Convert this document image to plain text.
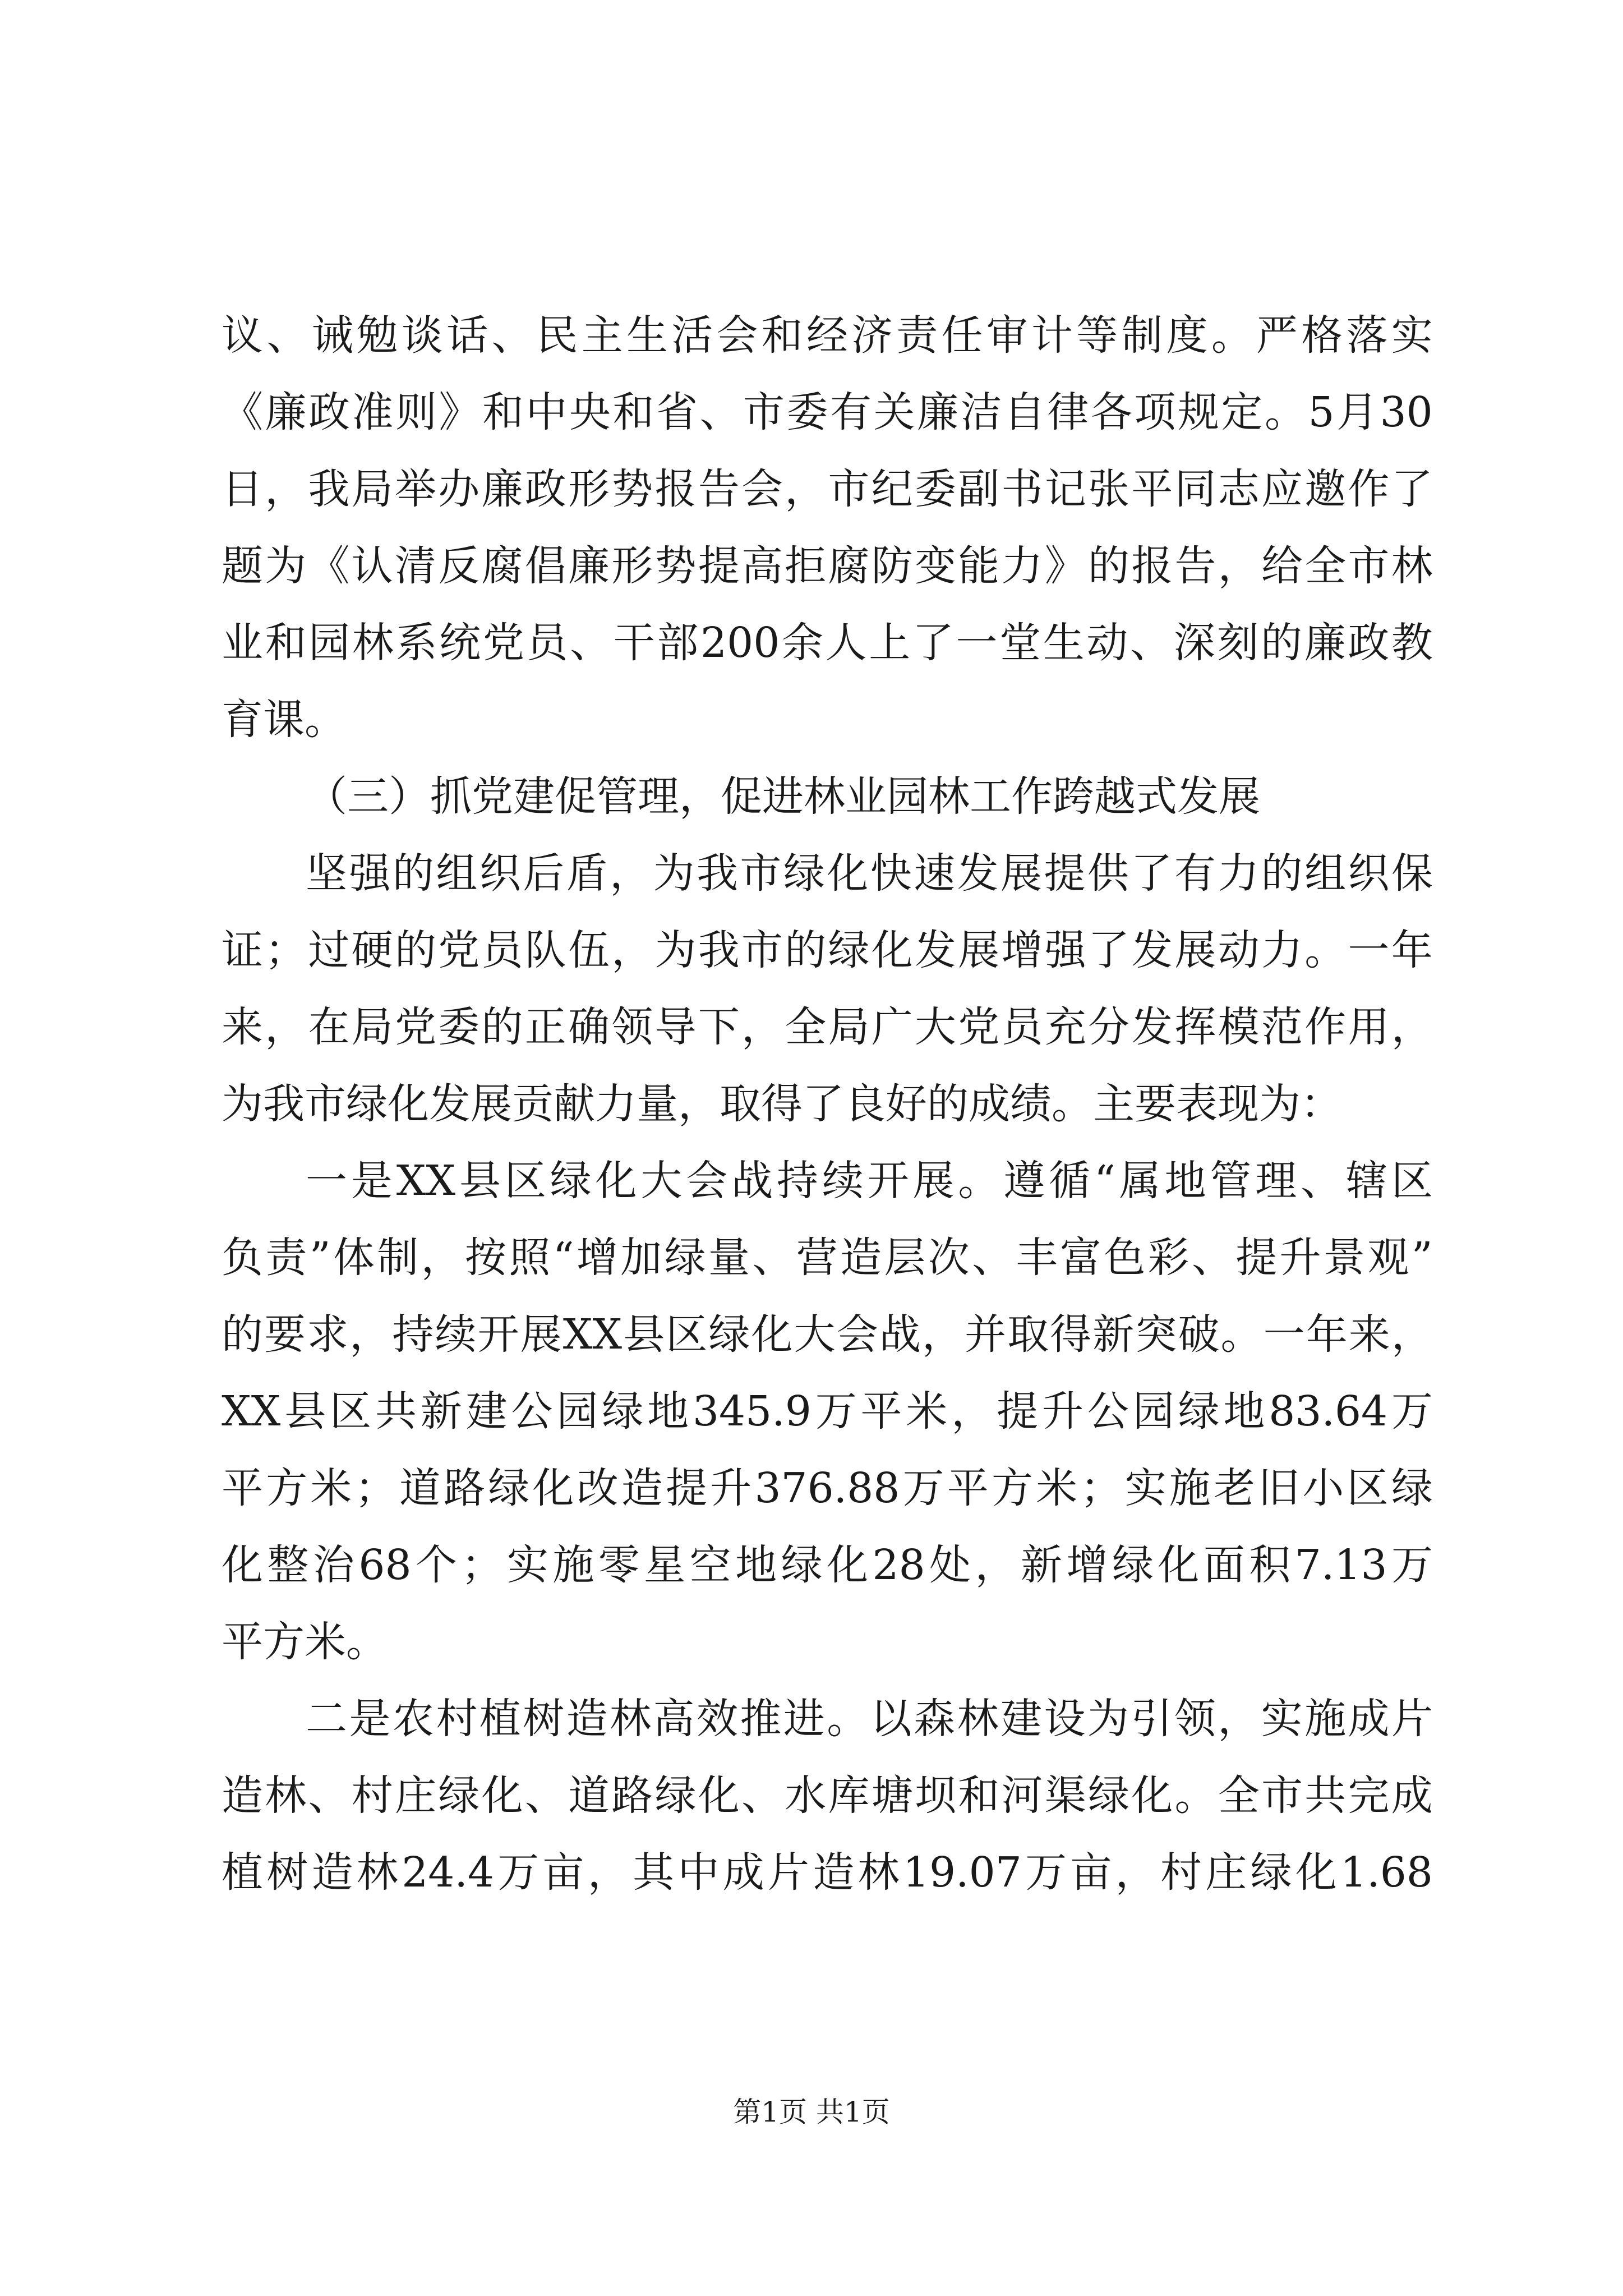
议 、 诫 勉 谈 话 、 民 主 生 活 会 和 经 济 责 任 审 计 等 制 度 。 严 格 落 实
《 廉 政 准 则 》 和 中 央 和 省 、 市 委 有 关 廉 洁 自 律 各 项 规 定 。 5 月 30
日 ， 我 局 举 办 廉 政 形 势 报 告 会 ， 市 纪 委 副 书 记 张 平 同 志 应 邀 作 了
题 为 《 认 清 反 腐 倡 廉 形 势 提 高 拒 腐 防 变 能 力 》 的 报 告 ， 给 全 市 林
业 和 园 林 系 统 党 员 、 干 部 200 余 人 上 了 一 堂 生 动 、 深 刻 的 廉 政 教
育课。
（三）抓党建促管理，促进林业园林工作跨越式发展
坚 强 的 组 织 后 盾 ， 为 我 市 绿 化 快 速 发 展 提 供 了 有 力 的 组 织 保
证 ； 过 硬 的 党 员 队 伍 ， 为 我 市 的 绿 化 发 展 增 强 了 发 展 动 力 。 一 年
来 ， 在 局 党 委 的 正 确 领 导 下 ， 全 局 广 大 党 员 充 分 发 挥 模 范 作 用 ，
为我市绿化发展贡献力量，取得了良好的成绩。主要表现为：
一 是 XX 县 区 绿 化 大 会 战 持 续 开 展 。 遵 循 “ 属 地 管 理 、 辖 区
负 责 ” 体 制 ， 按 照 “ 增 加 绿 量 、 营 造 层 次 、 丰 富 色 彩 、 提 升 景 观 ”
的 要 求 ， 持 续 开 展 XX 县 区 绿 化 大 会 战 ， 并 取 得 新 突 破 。 一 年 来 ，
XX 县 区 共 新 建 公 园 绿 地 345.9 万 平 米 ， 提 升 公 园 绿 地 83.64 万
平 方 米 ； 道 路 绿 化 改 造 提 升 376.88 万 平 方 米 ； 实 施 老 旧 小 区 绿
化 整 治 68 个 ； 实 施 零 星 空 地 绿 化 28 处 ， 新 增 绿 化 面 积 7.13 万
平方米。
二 是 农 村 植 树 造 林 高 效 推 进 。 以 森 林 建 设 为 引 领 ， 实 施 成 片
造 林 、 村 庄 绿 化 、 道 路 绿 化 、 水 库 塘 坝 和 河 渠 绿 化 。 全 市 共 完 成
植 树 造 林 24.4 万 亩 ， 其 中 成 片 造 林 19.07 万 亩 ， 村 庄 绿 化 1.68
第1页 共1页
